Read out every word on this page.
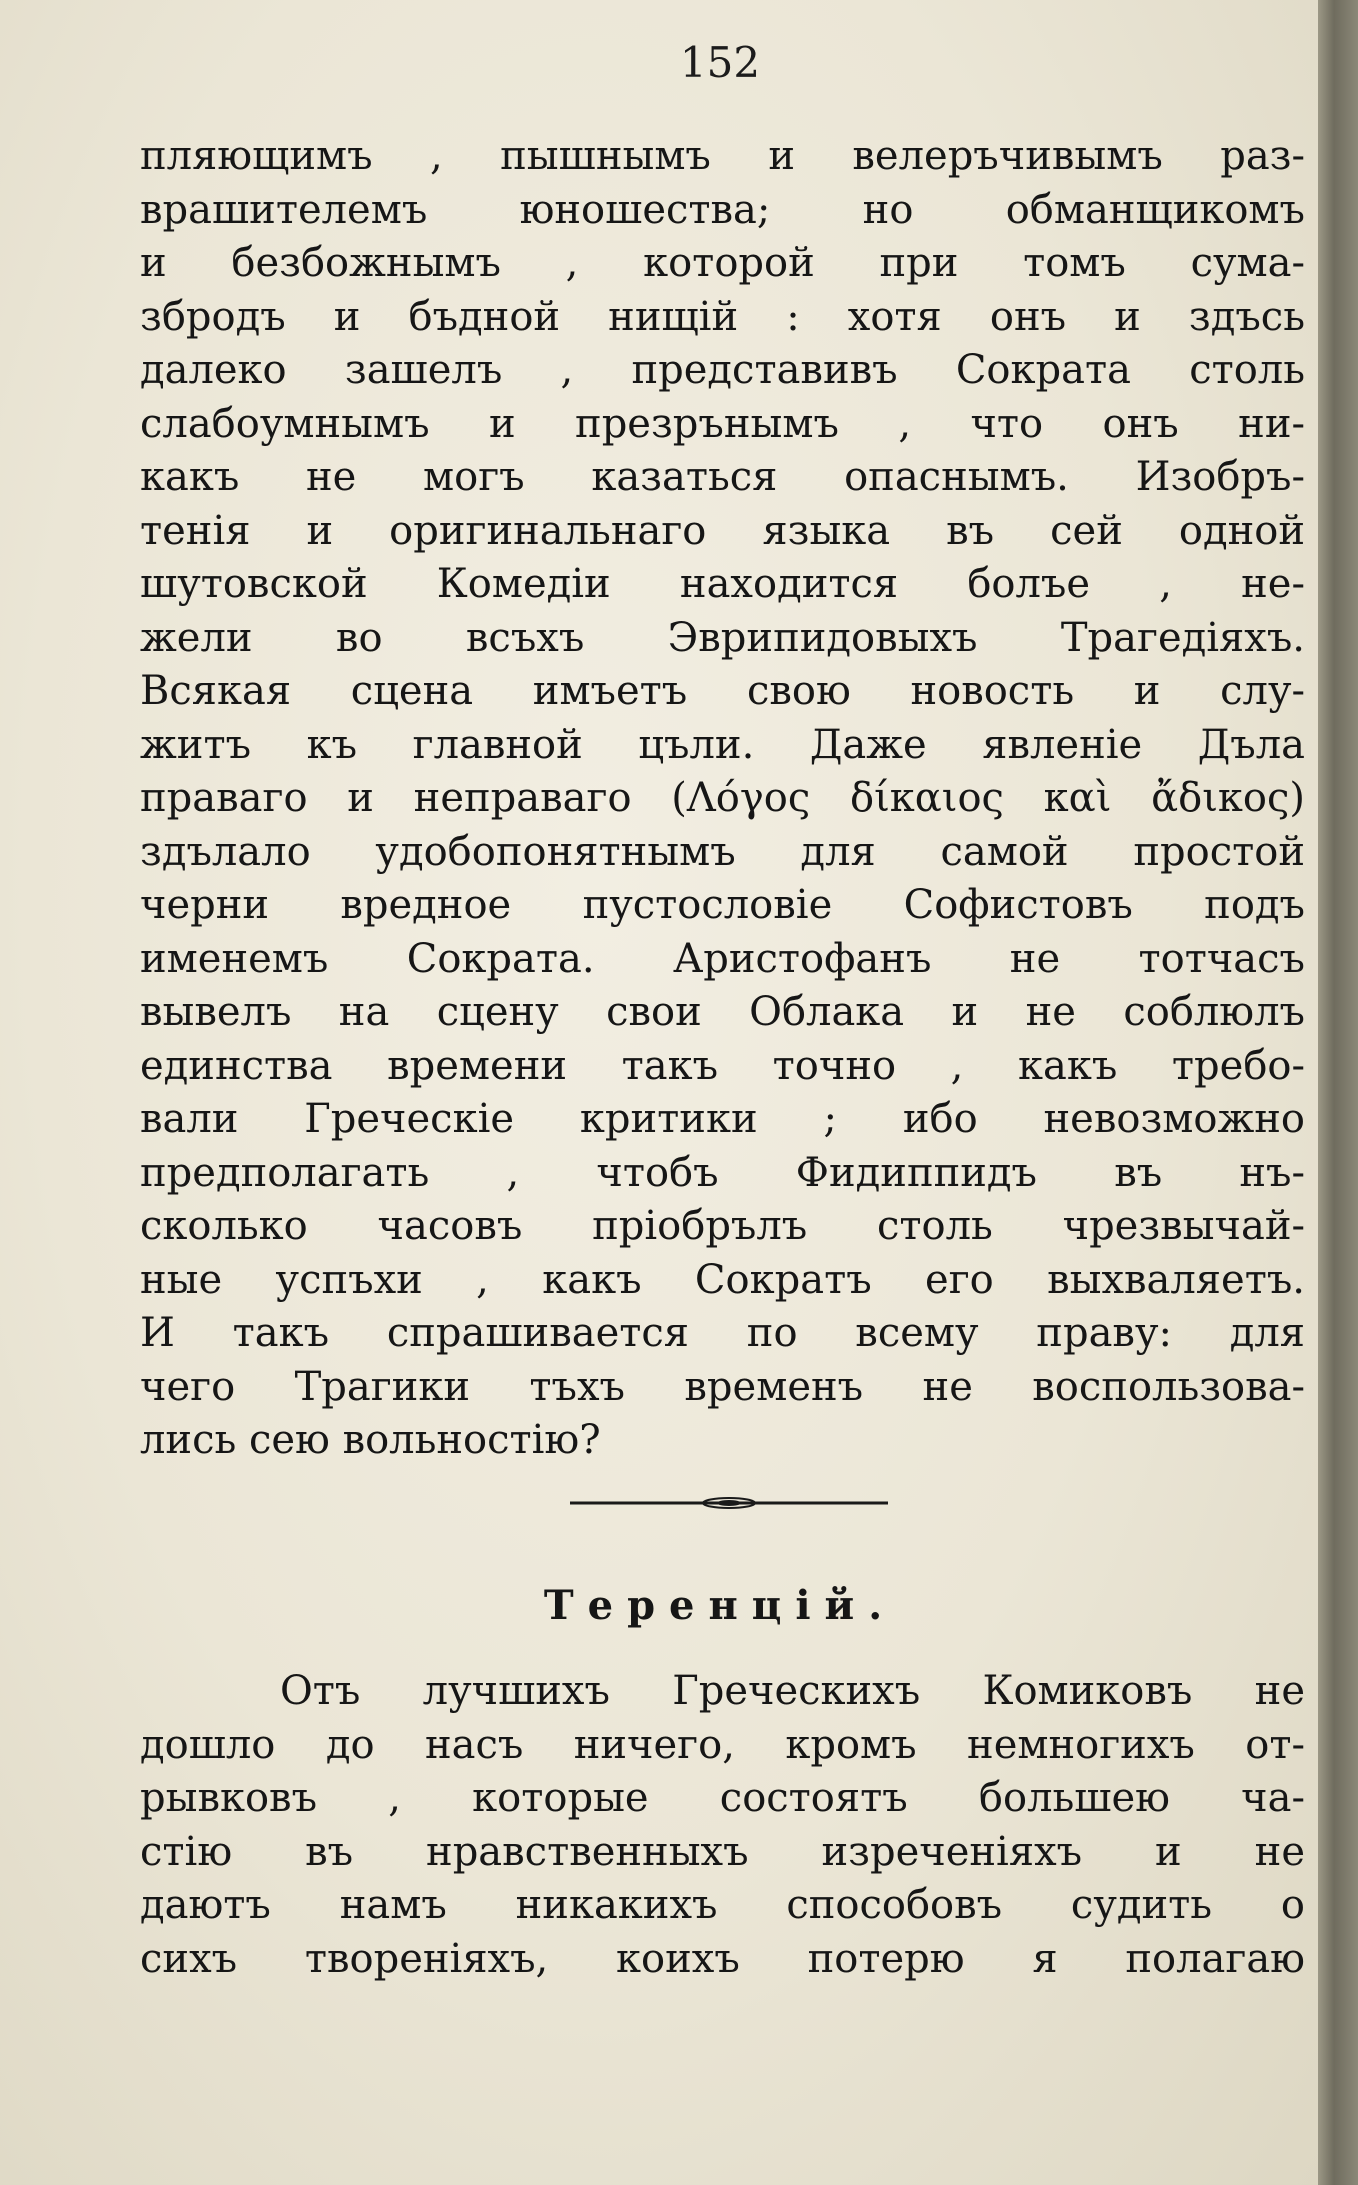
152
пляющимъ , пышнымъ и велеръчивымъ раз-
врашителемъ юношества; но обманщикомъ
и безбожнымъ , которой при томъ сума-
збродъ и бъдной нищій : хотя онъ и здъсь
далеко зашелъ , представивъ Сократа столь
слабоумнымъ и презрънымъ , что онъ ни-
какъ не могъ казаться опаснымъ. Изобръ-
тенія и оригинальнаго языка въ сей одной
шутовской Комедіи находится болъе , не-
жели во всъхъ Эврипидовыхъ Трагедіяхъ.
Всякая сцена имъетъ свою новость и слу-
житъ къ главной цъли. Даже явленіе Дъла
праваго и неправаго (Λόγος δίκαιος καὶ ἄδικος)
здълало удобопонятнымъ для самой простой
черни вредное пустословіе Софистовъ подъ
именемъ Сократа. Аристофанъ не тотчасъ
вывелъ на сцену свои Облака и не соблюлъ
единства времени такъ точно , какъ требо-
вали Греческіе критики ; ибо невозможно
предполагать , чтобъ Фидиппидъ въ нъ-
сколько часовъ пріобрълъ столь чрезвычай-
ные успъхи , какъ Сократъ его выхваляетъ.
И такъ спрашивается по всему праву: для
чего Трагики тъхъ временъ не воспользова-
лись сею вольностію?
Теренцій.
Отъ лучшихъ Греческихъ Комиковъ не
дошло до насъ ничего, кромъ немногихъ от-
рывковъ , которые состоятъ большею ча-
стію въ нравственныхъ изреченіяхъ и не
даютъ намъ никакихъ способовъ судить о
сихъ твореніяхъ, коихъ потерю я полагаю
